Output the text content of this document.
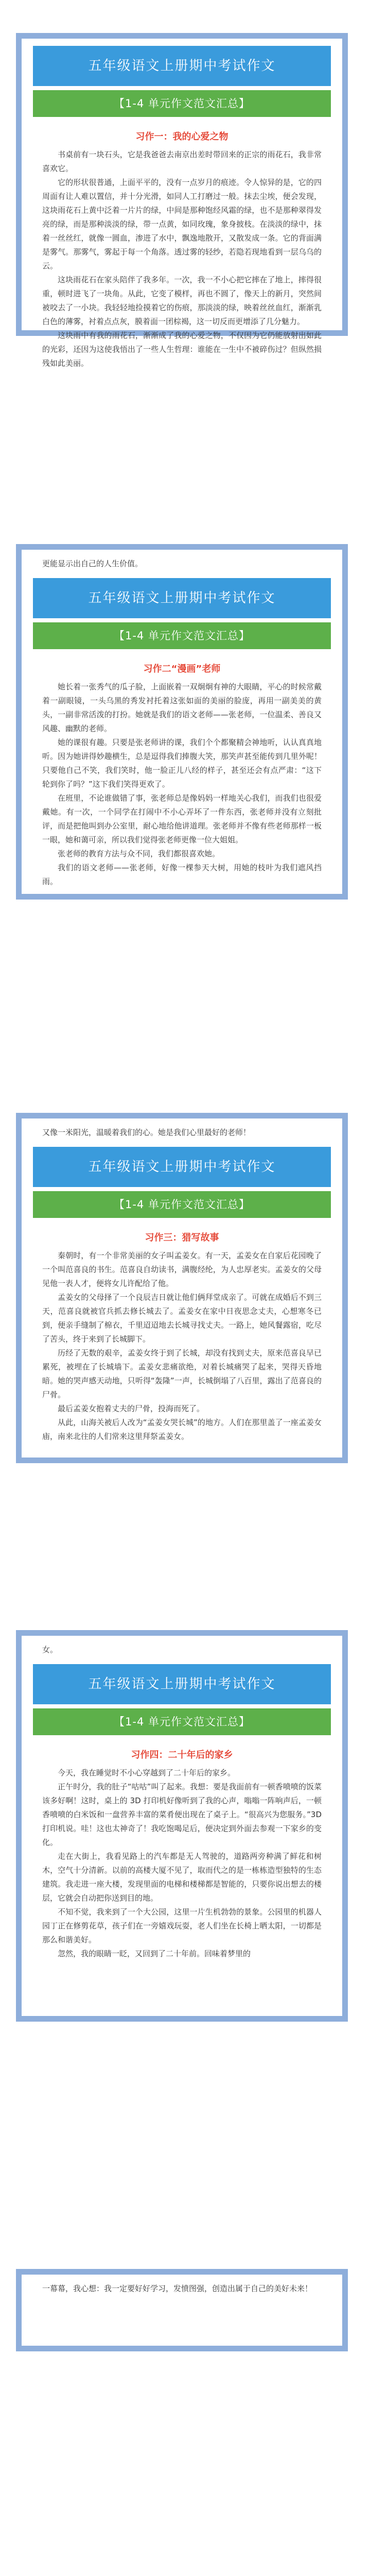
五年级语文上册期中考试作文
【1-4 单元作文范文汇总】
习作一：我的心爱之物

书桌前有一块石头，它是我爸爸去南京出差时带回来的正宗的雨花石，我非常喜欢它。

它的形状很普通，上面平平的，没有一点岁月的痕迹。令人惊异的是，它的四周面有让人难以置信，并十分光滑，如同人工打磨过一般。抹去尘埃，便会发现，这块雨花石上黄中泛着一片片的绿，中间是那种饱经风霜的绿，也不是那种翠得发亮的绿，而是那种淡淡的绿，带一点黄，如同玫瑰，象身披枝。在淡淡的绿中，抹着一丝丝红，就像一圆血，渗进了水中，飘逸地散开，又散发成一条。它的背面满是雾气。那雾气，雾起于每一个角落。透过雾的轻纱，若隐若现地看到一层乌乌的云。

这块雨花石在家头陪伴了我多年。一次，我一不小心把它摔在了地上，摔得很重，顿时进飞了一块角。从此，它变了模样，再也不圆了，像天上的新月，突然间被咬去了一小块。我轻轻地捡摸着它的伤痕，那淡淡的绿，映着丝丝血红，渐渐乳白色的薄雾，衬着点点灰，膜着面一团棕褐，这一切反而更增添了几分魅力。

这块雨中有我的雨花石，渐渐成了我的心爱之物，不仅因为它仍能放射出如此的光彩，还因为这使我悟出了一些人生哲理：谁能在一生中不被碎伤过？但纵然损残如此美丽。

更能显示出自己的人生价值。
五年级语文上册期中考试作文
【1-4 单元作文范文汇总】
习作二“漫画”老师

她长着一张秀气的瓜子脸，上面嵌着一双炯炯有神的大眼睛，平心的时候常戴着一副眼镜，一头乌黑的秀发衬托着这张如面的美丽的脸庞，再用一副美美的黄头，一副非常活泼的打扮。她就是我们的语文老师——张老师，一位温柔、善良又风趣、幽默的老师。

她的课很有趣。只要是张老师讲的课，我们个个都聚精会神地听，认认真真地听。因为她讲得妙趣横生，总是逗得我们捧腹大笑，那笑声甚至能传到几里外呢！只要他自己不笑，我们笑时，他一脸正儿八经的样子，甚至还会有点严肃：“这下轮到你了吗？”这下我们笑得更欢了。

在班里，不论谁做错了事，张老师总是像妈妈一样地关心我们，而我们也很爱戴她。有一次，一个同学在打闹中不小心弄坏了一件东西，张老师并没有立刻批评，而是把他叫到办公室里，耐心地给他讲道理。张老师并不像有些老师那样一板一眼，她和蔼可亲，所以我们觉得张老师更像一位大姐姐。

张老师的教育方法与众不同，我们都很喜欢她。

我们的语文老师——张老师，好像一棵参天大树，用她的枝叶为我们遮风挡雨。

又像一米阳光，温暖着我们的心。她是我们心里最好的老师！
五年级语文上册期中考试作文
【1-4 单元作文范文汇总】
习作三：猎写故事

秦朝时，有一个非常美丽的女子叫孟姜女。有一天，孟姜女在自家后花园晚了一个叫范喜良的书生。范喜良自幼读书，满腹经纶，为人忠厚老实。孟姜女的父母见他一表人才，便将女儿许配给了他。

孟姜女的父母择了一个良辰吉日就让他们俩拜堂成亲了。可就在成婚后不到三天，范喜良就被官兵抓去修长城去了。孟姜女在家中日夜思念丈夫，心想寒冬已到，便亲手缝制了棉衣，千里迢迢地去长城寻找丈夫。一路上，她风餐露宿，吃尽了苦头，终于来到了长城脚下。

历经了无数的艰辛，孟姜女终于到了长城，却没有找到丈夫，原来范喜良早已累死，被埋在了长城墙下。孟姜女悲痛欲绝，对着长城痛哭了起来，哭得天昏地暗。她的哭声感天动地，只听得“轰隆”一声，长城倒塌了八百里，露出了范喜良的尸骨。

最后孟姜女抱着丈夫的尸骨，投海而死了。

从此，山海关被后人改为“孟姜女哭长城”的地方。人们在那里盖了一座孟姜女庙，南来北往的人们常来这里拜祭孟姜女。

女。
五年级语文上册期中考试作文
【1-4 单元作文范文汇总】
习作四：二十年后的家乡

今天，我在睡觉时不小心穿越到了二十年后的家乡。

正午时分，我的肚子“咕咕”叫了起来。我想：要是我面前有一顿香喷喷的饭菜该多好啊！这时，桌上的 3D 打印机好像听到了我的心声，嗡嗡一阵响声后，一顿香喷喷的白米饭和一盘营养丰富的菜肴便出现在了桌子上。“很高兴为您服务。”3D 打印机说。哇！这也太神奇了！我吃饱喝足后，便决定到外面去参观一下家乡的变化。

走在大街上，我看见路上的汽车都是无人驾驶的，道路两旁种满了鲜花和树木，空气十分清新。以前的高楼大厦不见了，取而代之的是一栋栋造型独特的生态建筑。我走进一座大楼，发现里面的电梯和楼梯都是智能的，只要你说出想去的楼层，它就会自动把你送到目的地。

不知不觉，我来到了一个大公园，这里一片生机勃勃的景象。公园里的机器人园丁正在修剪花草，孩子们在一旁嬉戏玩耍，老人们坐在长椅上晒太阳，一切都是那么和谐美好。

忽然，我的眼睛一眨，又回到了二十年前。回味着梦里的

一幕幕，我心想：我一定要好好学习，发愤图强，创造出属于自己的美好未来！
